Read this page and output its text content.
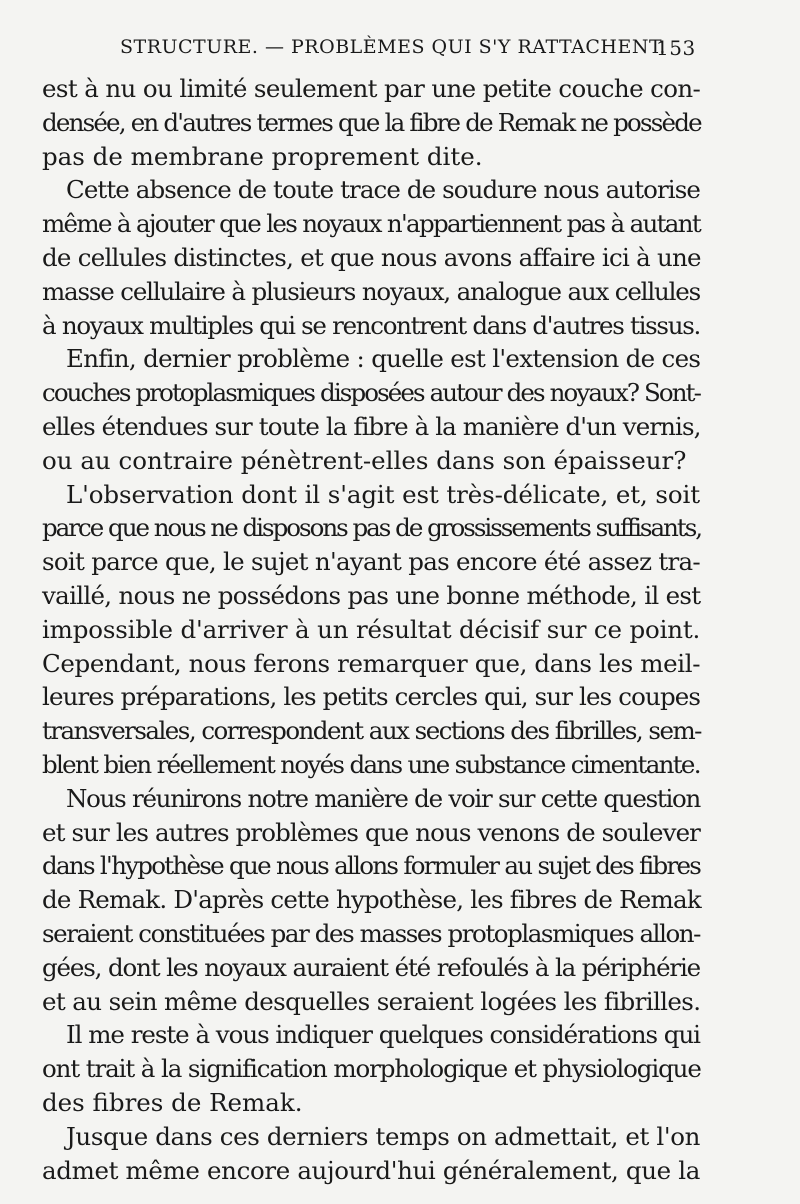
STRUCTURE. — PROBLÈMES QUI S'Y RATTACHENT.
153
est à nu ou limité seulement par une petite couche con-
densée, en d'autres termes que la fibre de Remak ne possède
pas de membrane proprement dite.
Cette absence de toute trace de soudure nous autorise
même à ajouter que les noyaux n'appartiennent pas à autant
de cellules distinctes, et que nous avons affaire ici à une
masse cellulaire à plusieurs noyaux, analogue aux cellules
à noyaux multiples qui se rencontrent dans d'autres tissus.
Enfin, dernier problème : quelle est l'extension de ces
couches protoplasmiques disposées autour des noyaux? Sont-
elles étendues sur toute la fibre à la manière d'un vernis,
ou au contraire pénètrent-elles dans son épaisseur?
L'observation dont il s'agit est très-délicate, et, soit
parce que nous ne disposons pas de grossissements suffisants,
soit parce que, le sujet n'ayant pas encore été assez tra-
vaillé, nous ne possédons pas une bonne méthode, il est
impossible d'arriver à un résultat décisif sur ce point.
Cependant, nous ferons remarquer que, dans les meil-
leures préparations, les petits cercles qui, sur les coupes
transversales, correspondent aux sections des fibrilles, sem-
blent bien réellement noyés dans une substance cimentante.
Nous réunirons notre manière de voir sur cette question
et sur les autres problèmes que nous venons de soulever
dans l'hypothèse que nous allons formuler au sujet des fibres
de Remak. D'après cette hypothèse, les fibres de Remak
seraient constituées par des masses protoplasmiques allon-
gées, dont les noyaux auraient été refoulés à la périphérie
et au sein même desquelles seraient logées les fibrilles.
Il me reste à vous indiquer quelques considérations qui
ont trait à la signification morphologique et physiologique
des fibres de Remak.
Jusque dans ces derniers temps on admettait, et l'on
admet même encore aujourd'hui généralement, que la
